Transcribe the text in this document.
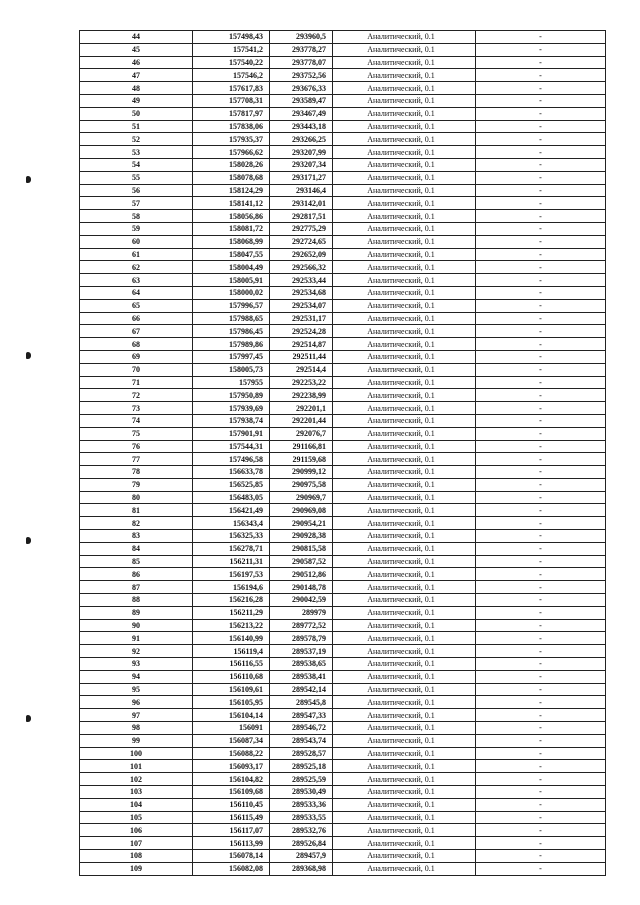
44	157498,43	293960,5	Аналитический, 0.1	-
45	157541,2	293778,27	Аналитический, 0.1	-
46	157540,22	293778,07	Аналитический, 0.1	-
47	157546,2	293752,56	Аналитический, 0.1	-
48	157617,83	293676,33	Аналитический, 0.1	-
49	157708,31	293589,47	Аналитический, 0.1	-
50	157817,97	293467,49	Аналитический, 0.1	-
51	157838,06	293443,18	Аналитический, 0.1	-
52	157935,37	293266,25	Аналитический, 0.1	-
53	157966,62	293207,99	Аналитический, 0.1	-
54	158028,26	293207,34	Аналитический, 0.1	-
55	158078,68	293171,27	Аналитический, 0.1	-
56	158124,29	293146,4	Аналитический, 0.1	-
57	158141,12	293142,01	Аналитический, 0.1	-
58	158056,86	292817,51	Аналитический, 0.1	-
59	158081,72	292775,29	Аналитический, 0.1	-
60	158068,99	292724,65	Аналитический, 0.1	-
61	158047,55	292652,09	Аналитический, 0.1	-
62	158004,49	292566,32	Аналитический, 0.1	-
63	158005,91	292533,44	Аналитический, 0.1	-
64	158000,02	292534,68	Аналитический, 0.1	-
65	157996,57	292534,07	Аналитический, 0.1	-
66	157988,65	292531,17	Аналитический, 0.1	-
67	157986,45	292524,28	Аналитический, 0.1	-
68	157989,86	292514,87	Аналитический, 0.1	-
69	157997,45	292511,44	Аналитический, 0.1	-
70	158005,73	292514,4	Аналитический, 0.1	-
71	157955	292253,22	Аналитический, 0.1	-
72	157950,89	292238,99	Аналитический, 0.1	-
73	157939,69	292201,1	Аналитический, 0.1	-
74	157938,74	292201,44	Аналитический, 0.1	-
75	157901,91	292076,7	Аналитический, 0.1	-
76	157544,31	291166,81	Аналитический, 0.1	-
77	157496,58	291159,68	Аналитический, 0.1	-
78	156633,78	290999,12	Аналитический, 0.1	-
79	156525,85	290975,58	Аналитический, 0.1	-
80	156483,05	290969,7	Аналитический, 0.1	-
81	156421,49	290969,08	Аналитический, 0.1	-
82	156343,4	290954,21	Аналитический, 0.1	-
83	156325,33	290928,38	Аналитический, 0.1	-
84	156278,71	290815,58	Аналитический, 0.1	-
85	156211,31	290587,52	Аналитический, 0.1	-
86	156197,53	290512,86	Аналитический, 0.1	-
87	156194,6	290148,78	Аналитический, 0.1	-
88	156216,28	290042,59	Аналитический, 0.1	-
89	156211,29	289979	Аналитический, 0.1	-
90	156213,22	289772,52	Аналитический, 0.1	-
91	156140,99	289578,79	Аналитический, 0.1	-
92	156119,4	289537,19	Аналитический, 0.1	-
93	156116,55	289538,65	Аналитический, 0.1	-
94	156110,68	289538,41	Аналитический, 0.1	-
95	156109,61	289542,14	Аналитический, 0.1	-
96	156105,95	289545,8	Аналитический, 0.1	-
97	156104,14	289547,33	Аналитический, 0.1	-
98	156091	289546,72	Аналитический, 0.1	-
99	156087,34	289543,74	Аналитический, 0.1	-
100	156088,22	289528,57	Аналитический, 0.1	-
101	156093,17	289525,18	Аналитический, 0.1	-
102	156104,82	289525,59	Аналитический, 0.1	-
103	156109,68	289530,49	Аналитический, 0.1	-
104	156110,45	289533,36	Аналитический, 0.1	-
105	156115,49	289533,55	Аналитический, 0.1	-
106	156117,07	289532,76	Аналитический, 0.1	-
107	156113,99	289526,84	Аналитический, 0.1	-
108	156078,14	289457,9	Аналитический, 0.1	-
109	156082,08	289368,98	Аналитический, 0.1	-
